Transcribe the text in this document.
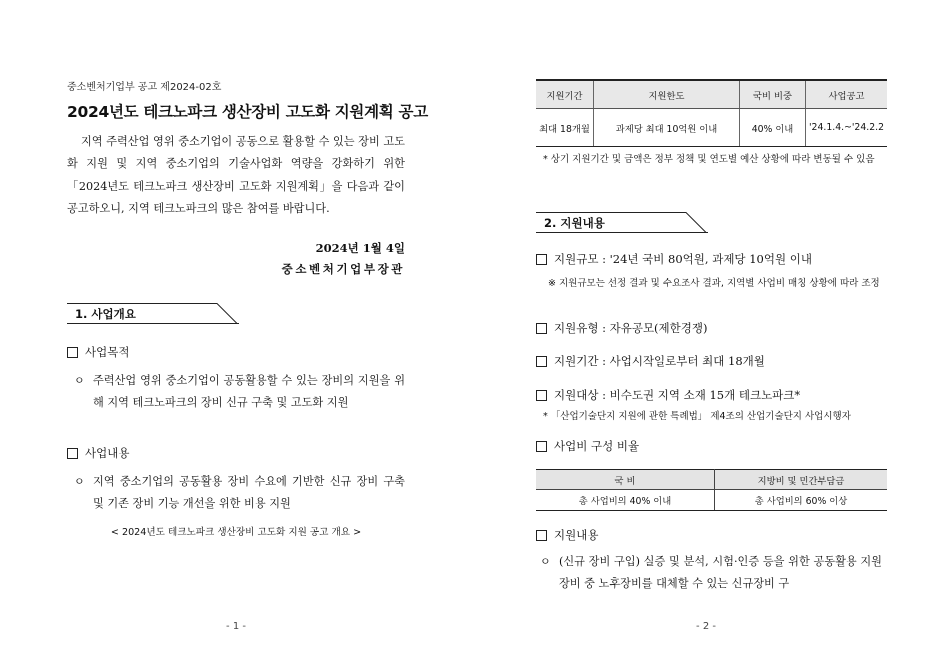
중소벤처기업부 공고 제2024-02호
2024년도 테크노파크 생산장비 고도화 지원계획 공고
지역 주력산업 영위 중소기업이 공동으로 활용할 수 있는 장비 고도화 지원 및 지역 중소기업의 기술사업화 역량을 강화하기 위한 「2024년도 테크노파크 생산장비 고도화 지원계획」을 다음과 같이 공고하오니, 지역 테크노파크의 많은 참여를 바랍니다.
2024년 1월 4일
중소벤처기업부장관
1. 사업개요
사업목적
ㅇ 주력산업 영위 중소기업이 공동활용할 수 있는 장비의 지원을 위해 지역 테크노파크의 장비 신규 구축 및 고도화 지원
사업내용
ㅇ 지역 중소기업의 공동활용 장비 수요에 기반한 신규 장비 구축 및 기존 장비 기능 개선을 위한 비용 지원
< 2024년도 테크노파크 생산장비 고도화 지원 공고 개요 >
- 1 -
지원기간	지원한도	국비 비중	사업공고
최대 18개월	과제당 최대 10억원 이내	40% 이내	'24.1.4.~'24.2.2
* 상기 지원기간 및 금액은 정부 정책 및 연도별 예산 상황에 따라 변동될 수 있음
2. 지원내용
지원규모 : '24년 국비 80억원, 과제당 10억원 이내
※ 지원규모는 선정 결과 및 수요조사 결과, 지역별 사업비 매칭 상황에 따라 조정
지원유형 : 자유공모(제한경쟁)
지원기간 : 사업시작일로부터 최대 18개월
지원대상 : 비수도권 지역 소재 15개 테크노파크*
* 「산업기술단지 지원에 관한 특례법」 제4조의 산업기술단지 사업시행자
사업비 구성 비율
국 비	지방비 및 민간부담금
총 사업비의 40% 이내	총 사업비의 60% 이상
지원내용
ㅇ (신규 장비 구입) 실증 및 분석, 시험·인증 등을 위한 공동활용 지원 장비 중 노후장비를 대체할 수 있는 신규장비 구
- 2 -
